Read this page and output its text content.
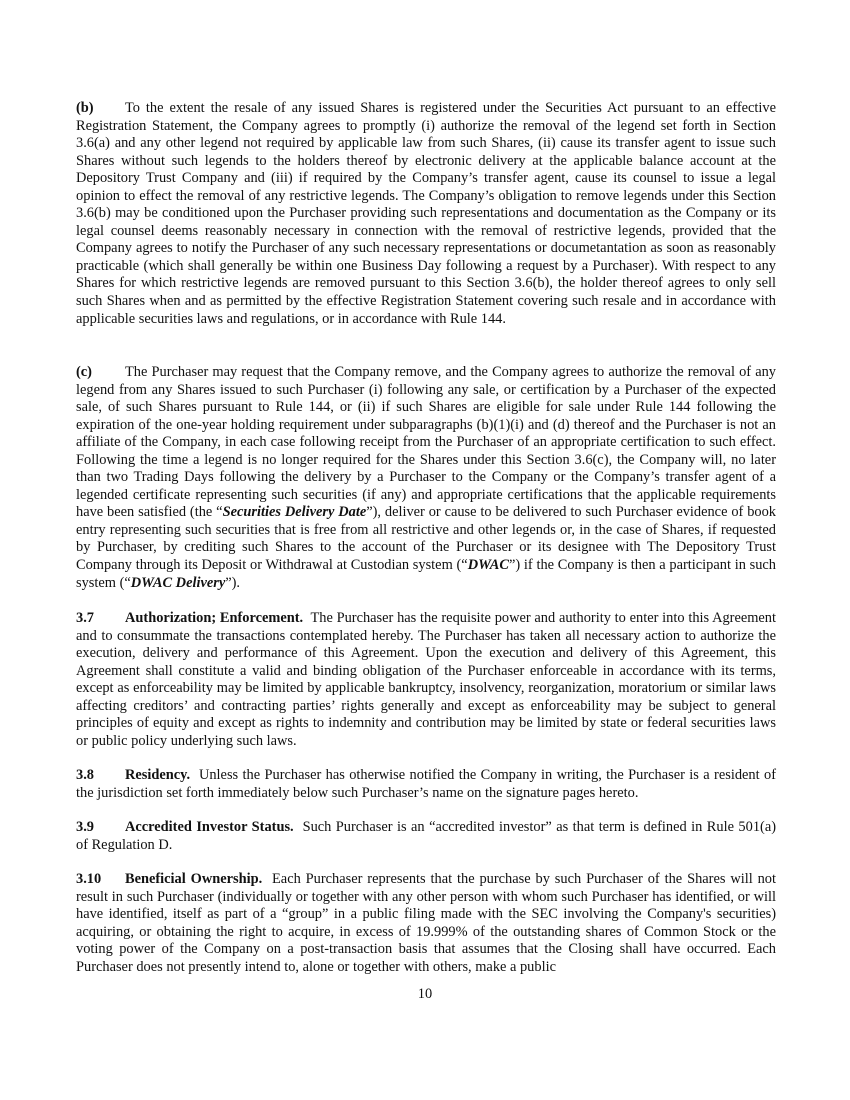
(b) To the extent the resale of any issued Shares is registered under the Securities Act pursuant to an effective Registration Statement, the Company agrees to promptly (i) authorize the removal of the legend set forth in Section 3.6(a) and any other legend not required by applicable law from such Shares, (ii) cause its transfer agent to issue such Shares without such legends to the holders thereof by electronic delivery at the applicable balance account at the Depository Trust Company and (iii) if required by the Company’s transfer agent, cause its counsel to issue a legal opinion to effect the removal of any restrictive legends. The Company’s obligation to remove legends under this Section 3.6(b) may be conditioned upon the Purchaser providing such representations and documentation as the Company or its legal counsel deems reasonably necessary in connection with the removal of restrictive legends, provided that the Company agrees to notify the Purchaser of any such necessary representations or documetantation as soon as reasonably practicable (which shall generally be within one Business Day following a request by a Purchaser). With respect to any Shares for which restrictive legends are removed pursuant to this Section 3.6(b), the holder thereof agrees to only sell such Shares when and as permitted by the effective Registration Statement covering such resale and in accordance with applicable securities laws and regulations, or in accordance with Rule 144.

(c) The Purchaser may request that the Company remove, and the Company agrees to authorize the removal of any legend from any Shares issued to such Purchaser (i) following any sale, or certification by a Purchaser of the expected sale, of such Shares pursuant to Rule 144, or (ii) if such Shares are eligible for sale under Rule 144 following the expiration of the one-year holding requirement under subparagraphs (b)(1)(i) and (d) thereof and the Purchaser is not an affiliate of the Company, in each case following receipt from the Purchaser of an appropriate certification to such effect. Following the time a legend is no longer required for the Shares under this Section 3.6(c), the Company will, no later than two Trading Days following the delivery by a Purchaser to the Company or the Company’s transfer agent of a legended certificate representing such securities (if any) and appropriate certifications that the applicable requirements have been satisfied (the “Securities Delivery Date”), deliver or cause to be delivered to such Purchaser evidence of book entry representing such securities that is free from all restrictive and other legends or, in the case of Shares, if requested by Purchaser, by crediting such Shares to the account of the Purchaser or its designee with The Depository Trust Company through its Deposit or Withdrawal at Custodian system (“DWAC”) if the Company is then a participant in such system (“DWAC Delivery”).

3.7 Authorization; Enforcement. The Purchaser has the requisite power and authority to enter into this Agreement and to consummate the transactions contemplated hereby. The Purchaser has taken all necessary action to authorize the execution, delivery and performance of this Agreement. Upon the execution and delivery of this Agreement, this Agreement shall constitute a valid and binding obligation of the Purchaser enforceable in accordance with its terms, except as enforceability may be limited by applicable bankruptcy, insolvency, reorganization, moratorium or similar laws affecting creditors’ and contracting parties’ rights generally and except as enforceability may be subject to general principles of equity and except as rights to indemnity and contribution may be limited by state or federal securities laws or public policy underlying such laws.

3.8 Residency. Unless the Purchaser has otherwise notified the Company in writing, the Purchaser is a resident of the jurisdiction set forth immediately below such Purchaser’s name on the signature pages hereto.

3.9 Accredited Investor Status. Such Purchaser is an “accredited investor” as that term is defined in Rule 501(a) of Regulation D.

3.10 Beneficial Ownership. Each Purchaser represents that the purchase by such Purchaser of the Shares will not result in such Purchaser (individually or together with any other person with whom such Purchaser has identified, or will have identified, itself as part of a “group” in a public filing made with the SEC involving the Company's securities) acquiring, or obtaining the right to acquire, in excess of 19.999% of the outstanding shares of Common Stock or the voting power of the Company on a post-transaction basis that assumes that the Closing shall have occurred. Each Purchaser does not presently intend to, alone or together with others, make a public

10
